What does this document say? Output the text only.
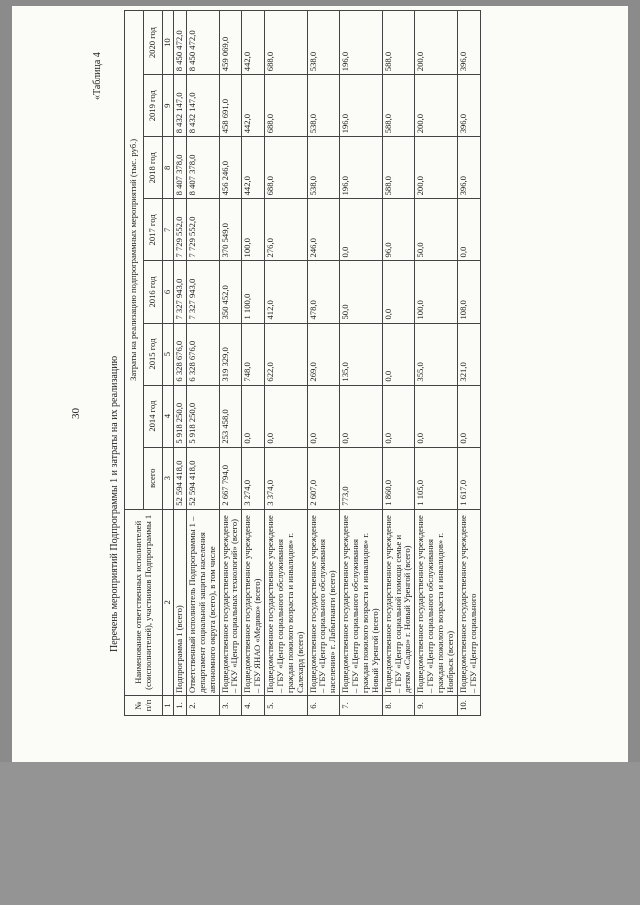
30
«Таблица 4
Перечень мероприятий Подпрограммы 1 и затраты на их реализацию
№ п/п	Наименование ответственных исполнителей (соисполнителей), участников Подпрограммы 1	Затраты на реализацию подпрограммных мероприятий (тыс. руб.)							
		всего	2014 год	2015 год	2016 год	2017 год	2018 год	2019 год	2020 год
1	2	3	4	5	6	7	8	9	10
1.	Подпрограмма 1 (всего)	52 594 418,0	5 918 250,0	6 328 676,0	7 327 943,0	7 729 552,0	8 407 378,0	8 432 147,0	8 450 472,0
2.	Ответственный исполнитель Подпрограммы 1 – департамент социальной защиты населения автономного округа (всего), в том числе	52 594 418,0	5 918 250,0	6 328 676,0	7 327 943,0	7 729 552,0	8 407 378,0	8 432 147,0	8 450 472,0
3.	Подведомственное государственное учреждение – ГКУ «Центр социальных технологий» (всего)	2 667 794,0	253 458,0	319 329,0	350 452,0	370 549,0	456 246,0	458 691,0	459 069,0
4.	Подведомственное государственное учреждение – ГБУ ЯНАО «Медико» (всего)	3 274,0	0,0	748,0	1 100,0	100,0	442,0	442,0	442,0
5.	Подведомственное государственное учреждение – ГБУ «Центр социального обслуживания граждан пожилого возраста и инвалидов» г. Салехард (всего)	3 374,0	0,0	622,0	412,0	276,0	688,0	688,0	688,0
6.	Подведомственное государственное учреждение – ГБУ «Центр социального обслуживания населения» г. Лабытнанги (всего)	2 607,0	0,0	269,0	478,0	246,0	538,0	538,0	538,0
7.	Подведомственное государственное учреждение – ГБУ «Центр социального обслуживания граждан пожилого возраста и инвалидов» г. Новый Уренгой (всего)	773,0	0,0	135,0	50,0	0,0	196,0	196,0	196,0
8.	Подведомственное государственное учреждение – ГБУ «Центр социальной помощи семье и детям «Садко» г. Новый Уренгой (всего)	1 860,0	0,0	0,0	0,0	96,0	588,0	588,0	588,0
9.	Подведомственное государственное учреждение – ГБУ «Центр социального обслуживания граждан пожилого возраста и инвалидов» г. Ноябрьск (всего)	1 105,0	0,0	355,0	100,0	50,0	200,0	200,0	200,0
10.	Подведомственное государственное учреждение – ГБУ «Центр социального	1 617,0	0,0	321,0	108,0	0,0	396,0	396,0	396,0
